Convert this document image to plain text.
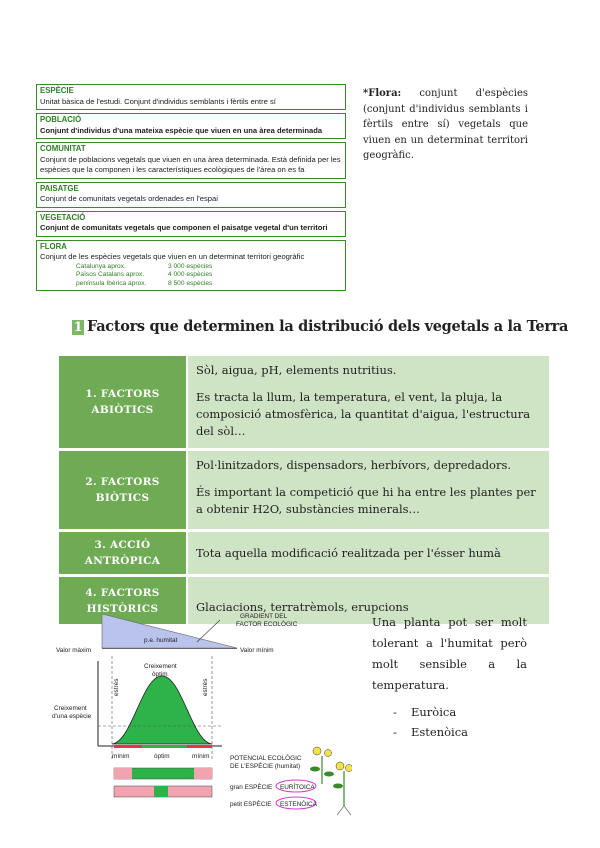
ESPÈCIE
Unitat bàsica de l'estudi. Conjunt d'individus semblants i fèrtils entre sí
POBLACIÓ
Conjunt d'individus d'una mateixa espècie que viuen en una àrea determinada
COMUNITAT
Conjunt de poblacions vegetals que viuen en una àrea determinada. Està definida per les espècies que la componen i les característiques ecològiques de l'àrea on es fa
PAISATGE
Conjunt de comunitats vegetals ordenades en l'espai
VEGETACIÓ
Conjunt de comunitats vegetals que componen el paisatge vegetal d'un territori
FLORA
Conjunt de les espècies vegetals que viuen en un determinat territori geogràfic
Catalunya aprox.	3 000 espècies
Països Catalans aprox.	4 000 espècies
península Ibèrica aprox.	8 500 espècies
*Flora: conjunt d'espècies (conjunt d'individus semblants i fèrtils entre sí) vegetals que viuen en un determinat territori geogràfic.
1 Factors que determinen la distribució dels vegetals a la Terra
1. FACTORS ABIÒTICS

Sòl, aigua, pH, elements nutritius.

Es tracta la llum, la temperatura, el vent, la pluja, la composició atmosfèrica, la quantitat d'aigua, l'estructura del sòl…

2. FACTORS BIÒTICS

Pol·linitzadors, dispensadors, herbívors, depredadors.

És important la competició que hi ha entre les plantes per a obtenir H2O, substàncies minerals…

3. ACCIÓ ANTRÒPICA

Tota aquella modificació realitzada per l'ésser humà

4. FACTORS HISTÒRICS	Glaciacions, terratrèmols, erupcions

p.e. humitat
Valor màxim	Valor mínim
GRADIENT DEL
FACTOR ECOLÒGIC
Creixement
d'una espècie
Creixement
òptim
estrès	estrès
mínim	òptim	mínim	POTENCIAL ECOLÒGIC
DE L'ESPÈCIE (humitat)
gran ESPÈCIE EURÍTOICA
petit ESPÈCIE ESTENÒICA
Una planta pot ser molt tolerant a l'humitat però molt sensible a la temperatura.
- Euròica
- Estenòica
